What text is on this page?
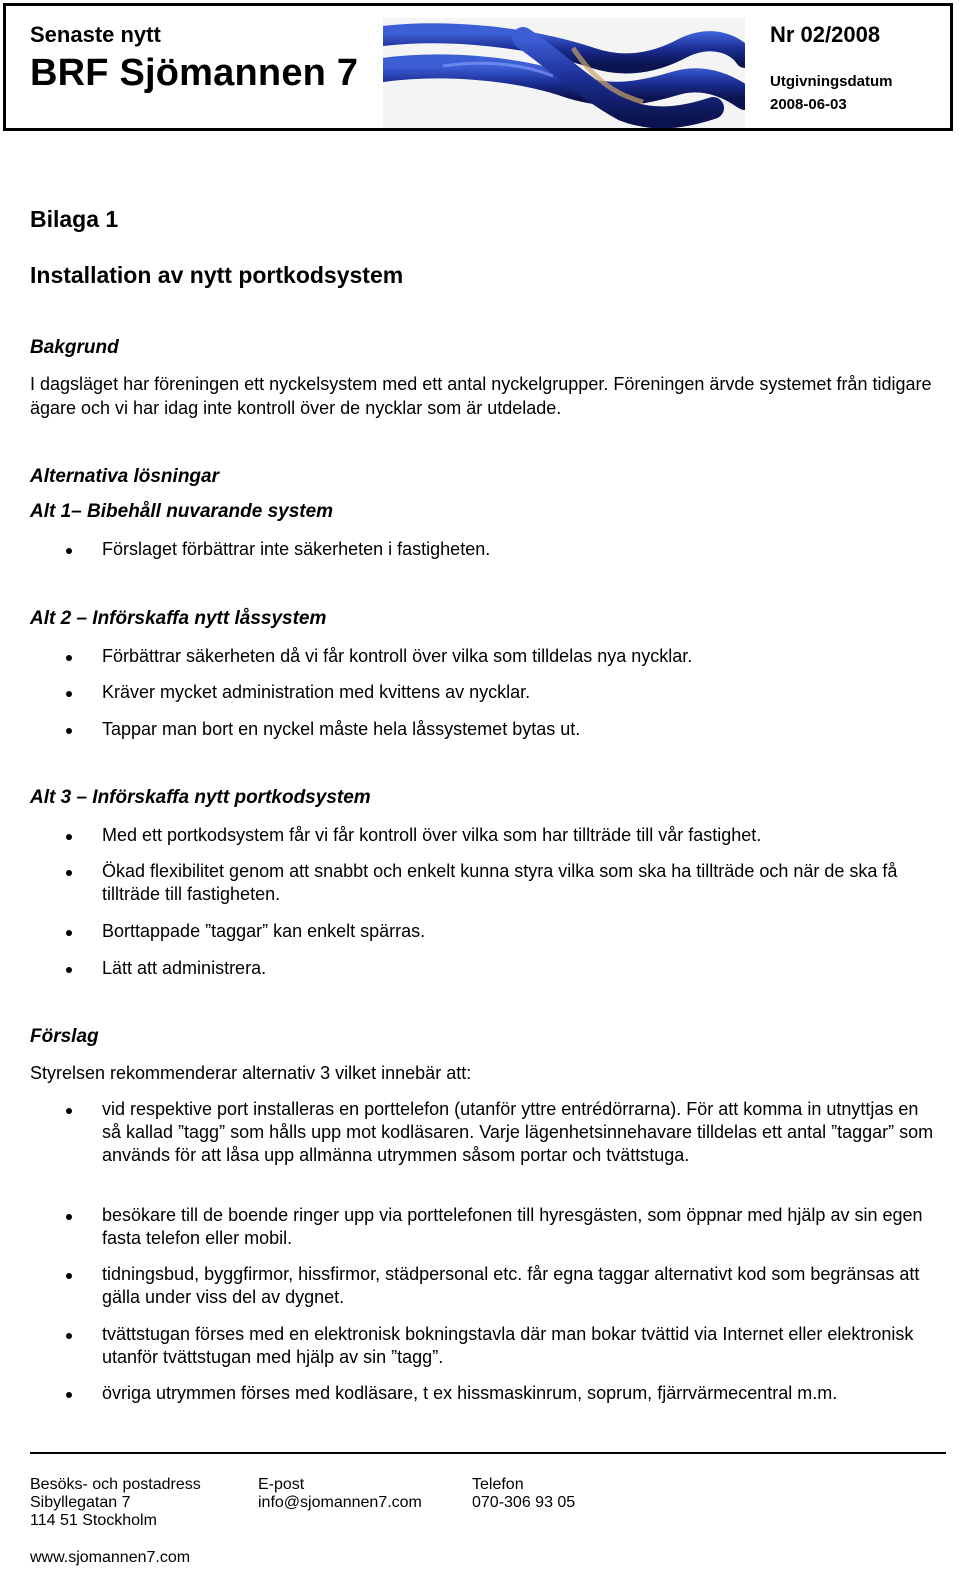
Senaste nytt
BRF Sjömannen 7
Nr 02/2008
Utgivningsdatum
2008-06-03
Bilaga 1
Installation av nytt portkodsystem
Bakgrund
I dagsläget har föreningen ett nyckelsystem med ett antal nyckelgrupper. Föreningen ärvde systemet från tidigare ägare och vi har idag inte kontroll över de nycklar som är utdelade.
Alternativa lösningar
Alt 1– Bibehåll nuvarande system
Förslaget förbättrar inte säkerheten i fastigheten.
Alt 2 – Införskaffa nytt låssystem
Förbättrar säkerheten då vi får kontroll över vilka som tilldelas nya nycklar.
Kräver mycket administration med kvittens av nycklar.
Tappar man bort en nyckel måste hela låssystemet bytas ut.
Alt 3 – Införskaffa nytt portkodsystem
Med ett portkodsystem får vi får kontroll över vilka som har tillträde till vår fastighet.
Ökad flexibilitet genom att snabbt och enkelt kunna styra vilka som ska ha tillträde och när de ska få tillträde till fastigheten.
Borttappade ”taggar” kan enkelt spärras.
Lätt att administrera.
Förslag
Styrelsen rekommenderar alternativ 3 vilket innebär att:
vid respektive port installeras en porttelefon (utanför yttre entrédörrarna). För att komma in utnyttjas en så kallad ”tagg” som hålls upp mot kodläsaren. Varje lägenhetsinnehavare tilldelas ett antal ”taggar” som används för att låsa upp allmänna utrymmen såsom portar och tvättstuga.
besökare till de boende ringer upp via porttelefonen till hyresgästen, som öppnar med hjälp av sin egen fasta telefon eller mobil.
tidningsbud, byggfirmor, hissfirmor, städpersonal etc. får egna taggar alternativt kod som begränsas att gälla under viss del av dygnet.
tvättstugan förses med en elektronisk bokningstavla där man bokar tvättid via Internet eller elektronisk utanför tvättstugan med hjälp av sin ”tagg”.
övriga utrymmen förses med kodläsare, t ex hissmaskinrum, soprum, fjärrvärmecentral m.m.
Besöks- och postadress
Sibyllegatan 7
114 51 Stockholm
E-post
info@sjomannen7.com
Telefon
070-306 93 05
www.sjomannen7.com
